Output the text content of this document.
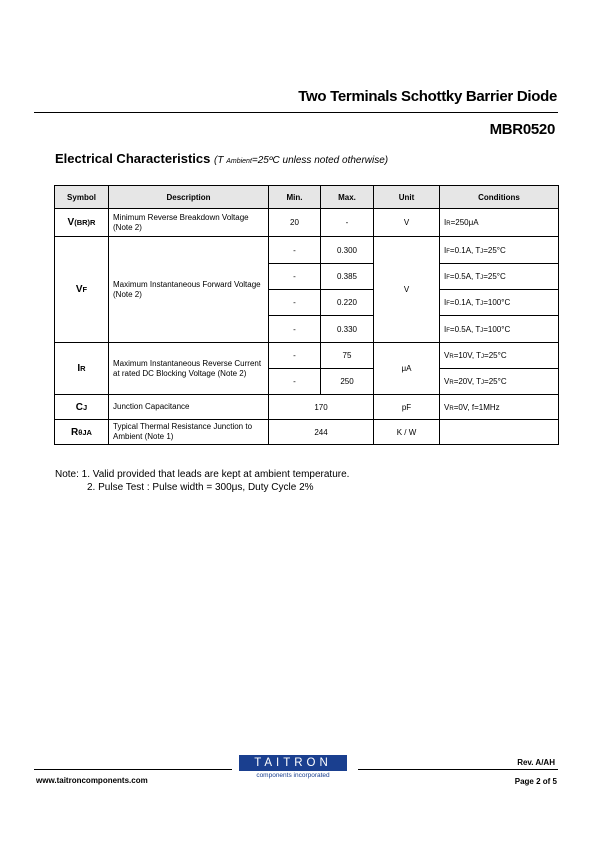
Two Terminals Schottky Barrier Diode
MBR0520
Electrical Characteristics (T Ambient=25ºC unless noted otherwise)
Symbol	Description	Min.	Max.	Unit	Conditions
V(BR)R	Minimum Reverse Breakdown Voltage (Note 2)	20	-	V	IR=250μA
VF	Maximum Instantaneous Forward Voltage (Note 2)	-	0.300	V	IF=0.1A, TJ=25°C
		-	0.385		IF=0.5A, TJ=25°C
		-	0.220		IF=0.1A, TJ=100°C
		-	0.330		IF=0.5A, TJ=100°C
IR	Maximum Instantaneous Reverse Current at rated DC Blocking Voltage (Note 2)	-	75	μA	VR=10V, TJ=25°C
		-	250		VR=20V, TJ=25°C
CJ	Junction Capacitance	170		pF	VR=0V, f=1MHz
RθJA	Typical Thermal Resistance Junction to Ambient (Note 1)	244		K / W	
Note: 1. Valid provided that leads are kept at ambient temperature.
2. Pulse Test : Pulse width = 300μs, Duty Cycle 2%
TAITRON
components incorporated
www.taitroncomponents.com
Rev. A/AH
Page 2 of 5
